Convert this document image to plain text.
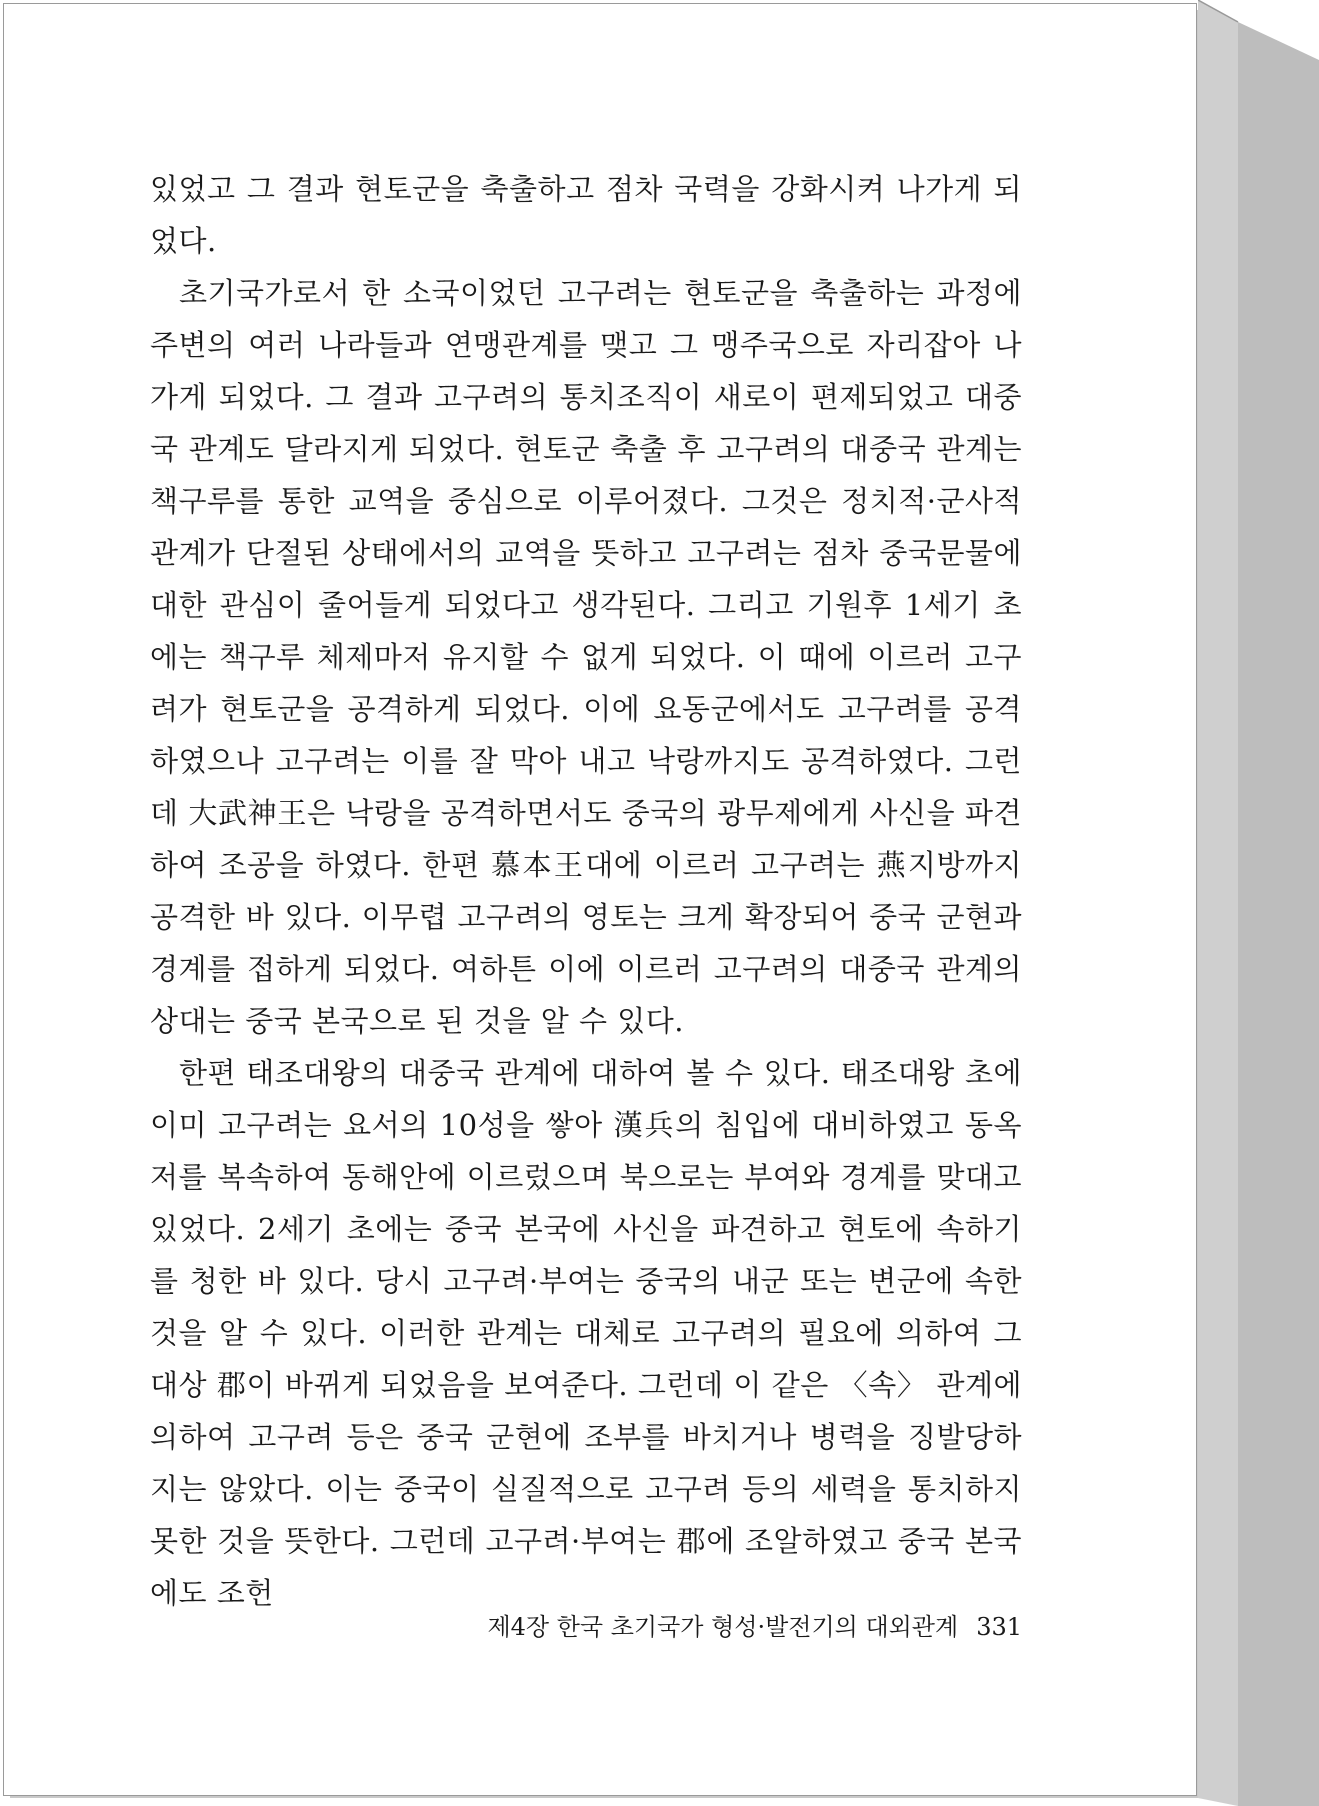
있었고 그 결과 현토군을 축출하고 점차 국력을 강화시켜 나가게 되었다.

초기국가로서 한 소국이었던 고구려는 현토군을 축출하는 과정에 주변의 여러 나라들과 연맹관계를 맺고 그 맹주국으로 자리잡아 나가게 되었다. 그 결과 고구려의 통치조직이 새로이 편제되었고 대중국 관계도 달라지게 되었다. 현토군 축출 후 고구려의 대중국 관계는 책구루를 통한 교역을 중심으로 이루어졌다. 그것은 정치적·군사적 관계가 단절된 상태에서의 교역을 뜻하고 고구려는 점차 중국문물에 대한 관심이 줄어들게 되었다고 생각된다. 그리고 기원후 1세기 초에는 책구루 체제마저 유지할 수 없게 되었다. 이 때에 이르러 고구려가 현토군을 공격하게 되었다. 이에 요동군에서도 고구려를 공격하였으나 고구려는 이를 잘 막아 내고 낙랑까지도 공격하였다. 그런데 大武神王은 낙랑을 공격하면서도 중국의 광무제에게 사신을 파견하여 조공을 하였다. 한편 慕本王대에 이르러 고구려는 燕지방까지 공격한 바 있다. 이무렵 고구려의 영토는 크게 확장되어 중국 군현과 경계를 접하게 되었다. 여하튼 이에 이르러 고구려의 대중국 관계의 상대는 중국 본국으로 된 것을 알 수 있다.

한편 태조대왕의 대중국 관계에 대하여 볼 수 있다. 태조대왕 초에 이미 고구려는 요서의 10성을 쌓아 漢兵의 침입에 대비하였고 동옥저를 복속하여 동해안에 이르렀으며 북으로는 부여와 경계를 맞대고 있었다. 2세기 초에는 중국 본국에 사신을 파견하고 현토에 속하기를 청한 바 있다. 당시 고구려·부여는 중국의 내군 또는 변군에 속한 것을 알 수 있다. 이러한 관계는 대체로 고구려의 필요에 의하여 그 대상 郡이 바뀌게 되었음을 보여준다. 그런데 이 같은 〈속〉 관계에 의하여 고구려 등은 중국 군현에 조부를 바치거나 병력을 징발당하지는 않았다. 이는 중국이 실질적으로 고구려 등의 세력을 통치하지 못한 것을 뜻한다. 그런데 고구려·부여는 郡에 조알하였고 중국 본국에도 조헌

제4장 한국 초기국가 형성·발전기의 대외관계 331
